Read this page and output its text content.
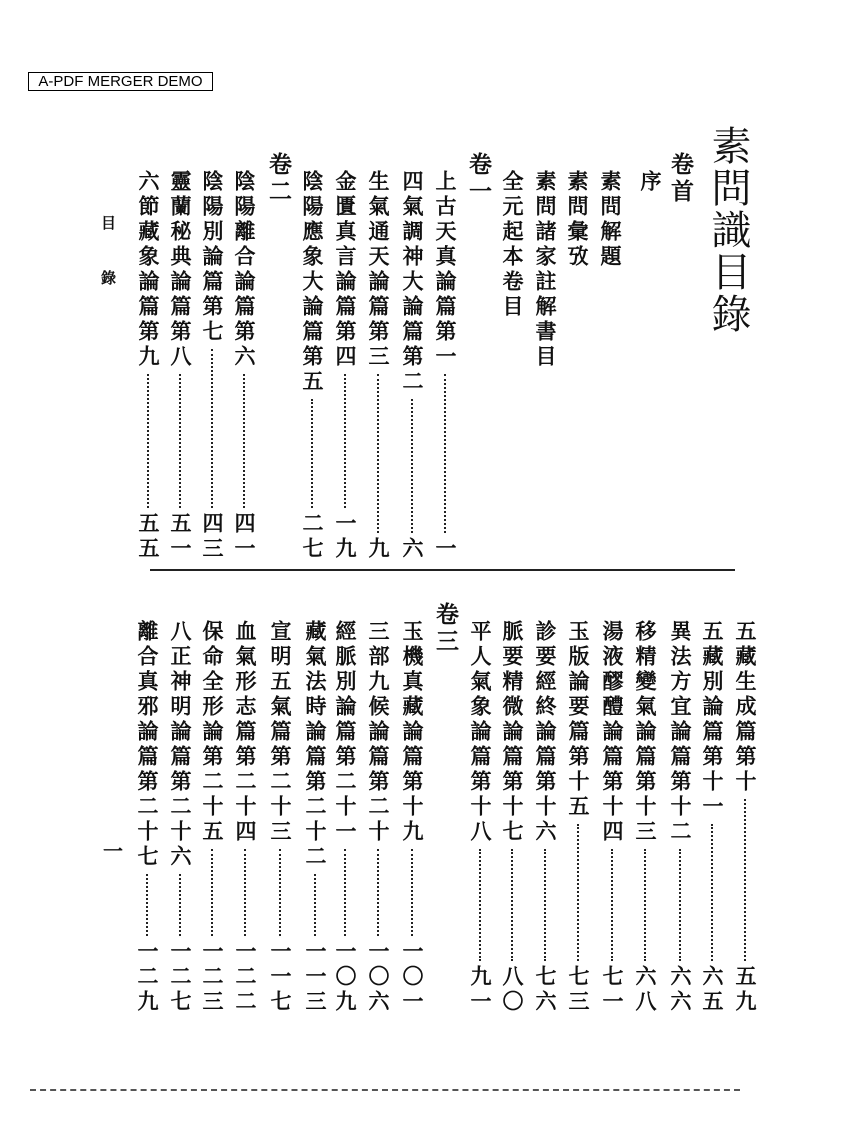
A-PDF MERGER DEMO
素問識目錄
目錄
一
卷首
序
素問解題
素問彙攷
素問諸家註解書目
全元起本卷目
卷一
上古天真論篇第一
一
四氣調神大論篇第二
六
生氣通天論篇第三
九
金匱真言論篇第四
一九
陰陽應象大論篇第五
二七
卷二
陰陽離合論篇第六
四一
陰陽別論篇第七
四三
靈蘭秘典論篇第八
五一
六節藏象論篇第九
五五
五藏生成篇第十
五九
五藏別論篇第十一
六五
異法方宜論篇第十二
六六
移精變氣論篇第十三
六八
湯液醪醴論篇第十四
七一
玉版論要篇第十五
七三
診要經終論篇第十六
七六
脈要精微論篇第十七
八〇
平人氣象論篇第十八
九一
卷三
玉機真藏論篇第十九
一〇一
三部九候論篇第二十
一〇六
經脈別論篇第二十一
一〇九
藏氣法時論篇第二十二
一一三
宣明五氣篇第二十三
一一七
血氣形志篇第二十四
一二二
保命全形論第二十五
一二三
八正神明論篇第二十六
一二七
離合真邪論篇第二十七
一二九
